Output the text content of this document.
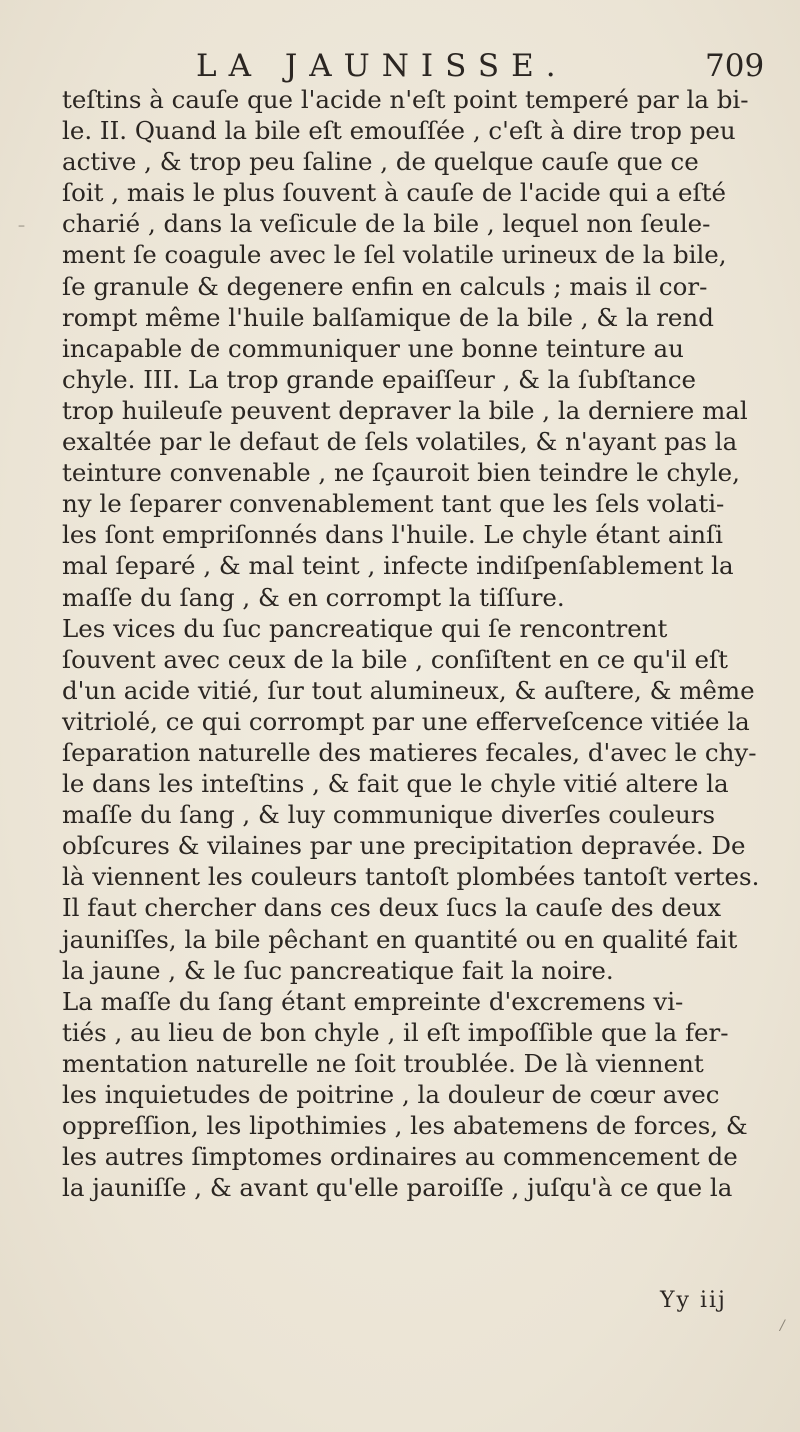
LA JAUNISSE.	709
teſtins à cauſe que l'acide n'eſt point temperé par la bi-
le. II. Quand la bile eſt emouſſée , c'eſt à dire trop peu
active , & trop peu ſaline , de quelque cauſe que ce
ſoit , mais le plus ſouvent à cauſe de l'acide qui a eſté
charié , dans la veſicule de la bile , lequel non ſeule-
ment ſe coagule avec le ſel volatile urineux de la bile,
ſe granule & degenere enfin en calculs ; mais il cor-
rompt même l'huile balſamique de la bile , & la rend
incapable de communiquer une bonne teinture au
chyle. III. La trop grande epaiſſeur , & la ſubſtance
trop huileuſe peuvent depraver la bile , la derniere mal
exaltée par le defaut de ſels volatiles, & n'ayant pas la
teinture convenable , ne ſçauroit bien teindre le chyle,
ny le ſeparer convenablement tant que les ſels volati-
les ſont empriſonnés dans l'huile. Le chyle étant ainſi
mal ſeparé , & mal teint , infecte indiſpenſablement la
maſſe du ſang , & en corrompt la tiſſure.
Les vices du ſuc pancreatique qui ſe rencontrent
ſouvent avec ceux de la bile , conſiſtent en ce qu'il eſt
d'un acide vitié, ſur tout alumineux, & auſtere, & même
vitriolé, ce qui corrompt par une efferveſcence vitiée la
ſeparation naturelle des matieres fecales, d'avec le chy-
le dans les inteſtins , & fait que le chyle vitié altere la
maſſe du ſang , & luy communique diverſes couleurs
obſcures & vilaines par une precipitation depravée. De
là viennent les couleurs tantoſt plombées tantoſt vertes.
Il faut chercher dans ces deux ſucs la cauſe des deux
jauniſſes, la bile pêchant en quantité ou en qualité fait
la jaune , & le ſuc pancreatique fait la noire.
La maſſe du ſang étant empreinte d'excremens vi-
tiés , au lieu de bon chyle , il eſt impoſſible que la fer-
mentation naturelle ne ſoit troublée. De là viennent
les inquietudes de poitrine , la douleur de cœur avec
oppreſſion, les lipothimies , les abatemens de forces, &
les autres ſimptomes ordinaires au commencement de
la jauniſſe , & avant qu'elle paroiſſe , juſqu'à ce que la
Yy iij
–
/
